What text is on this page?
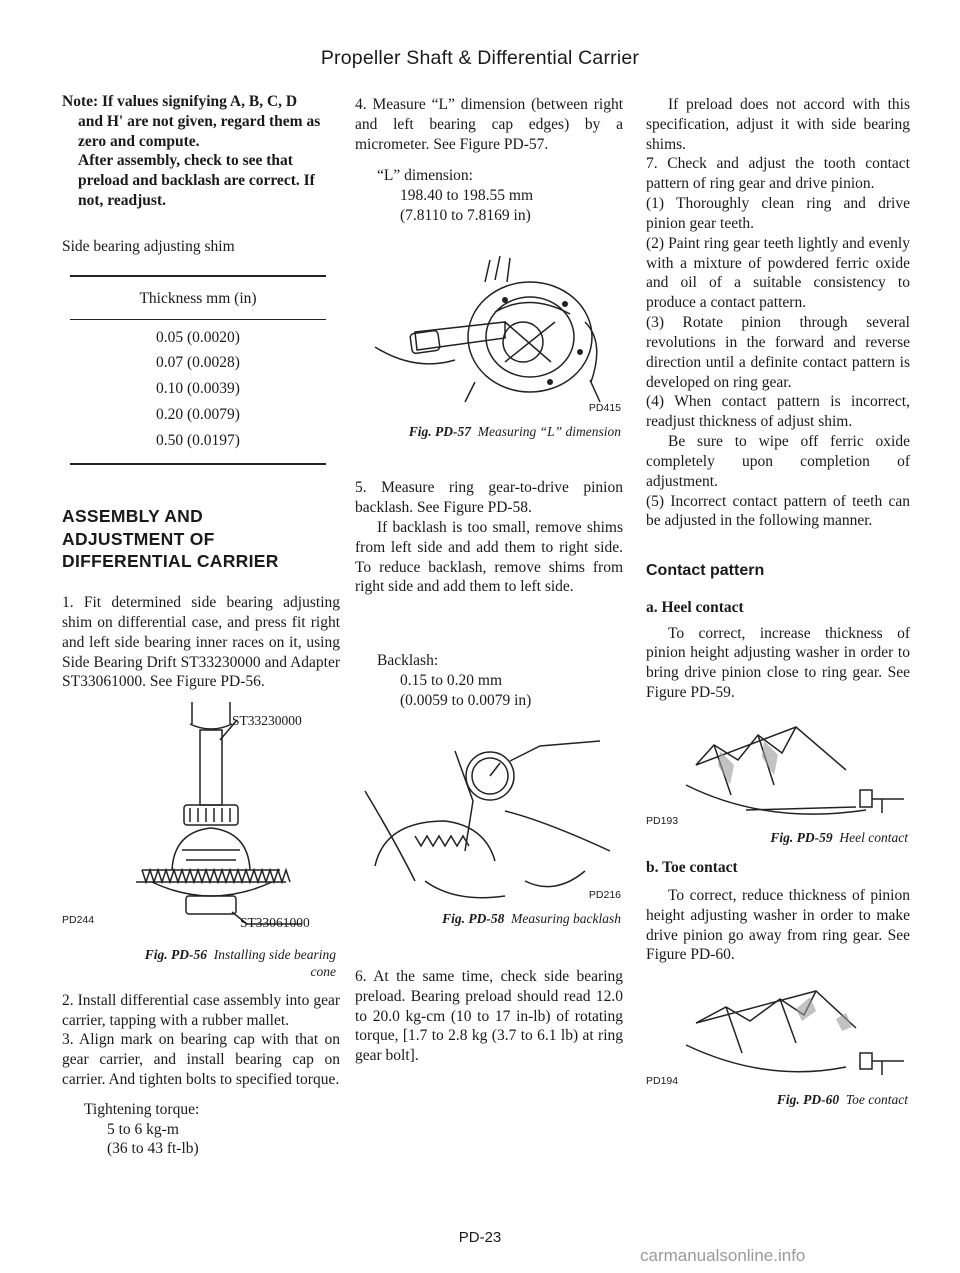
Propeller Shaft & Differential Carrier
Note: If values signifying A, B, C, D
and H' are not given, regard them as
zero and compute.
After assembly, check to see that
preload and backlash are correct. If
not, readjust.

Side bearing adjusting shim

Thickness mm (in)
0.05 (0.0020)
0.07 (0.0028)
0.10 (0.0039)
0.20 (0.0079)
0.50 (0.0197)
ASSEMBLY AND
ADJUSTMENT OF
DIFFERENTIAL CARRIER

1. Fit determined side bearing adjusting shim on differential case, and press fit right and left side bearing inner races on it, using Side Bearing Drift ST33230000 and Adapter ST33061000. See Figure PD-56.

PD244
ST33230000
ST33061000

Fig. PD-56 Installing side bearing
cone

2. Install differential case assembly into gear carrier, tapping with a rubber mallet.

3. Align mark on bearing cap with that on gear carrier, and install bearing cap on carrier. And tighten bolts to specified torque.

Tightening torque:

5 to 6 kg-m

(36 to 43 ft-lb)

4. Measure “L” dimension (between right and left bearing cap edges) by a micrometer. See Figure PD-57.

“L” dimension:

198.40 to 198.55 mm

(7.8110 to 7.8169 in)

PD415

Fig. PD-57 Measuring “L” dimension

5. Measure ring gear-to-drive pinion backlash. See Figure PD-58.

If backlash is too small, remove shims from left side and add them to right side. To reduce backlash, remove shims from right side and add them to left side.

Backlash:

0.15 to 0.20 mm

(0.0059 to 0.0079 in)

PD216

Fig. PD-58 Measuring backlash

6. At the same time, check side bearing preload. Bearing preload should read 12.0 to 20.0 kg-cm (10 to 17 in-lb) of rotating torque, [1.7 to 2.8 kg (3.7 to 6.1 lb) at ring gear bolt].

If preload does not accord with this specification, adjust it with side bearing shims.

7. Check and adjust the tooth contact pattern of ring gear and drive pinion.

(1) Thoroughly clean ring and drive pinion gear teeth.

(2) Paint ring gear teeth lightly and evenly with a mixture of powdered ferric oxide and oil of a suitable consistency to produce a contact pattern.

(3) Rotate pinion through several revolutions in the forward and reverse direction until a definite contact pattern is developed on ring gear.

(4) When contact pattern is incorrect, readjust thickness of adjust shim.

Be sure to wipe off ferric oxide completely upon completion of adjustment.

(5) Incorrect contact pattern of teeth can be adjusted in the following manner.

Contact pattern

a. Heel contact

To correct, increase thickness of pinion height adjusting washer in order to bring drive pinion close to ring gear. See Figure PD-59.

PD193

Fig. PD-59 Heel contact

b. Toe contact

To correct, reduce thickness of pinion height adjusting washer in order to make drive pinion go away from ring gear. See Figure PD-60.

PD194

Fig. PD-60 Toe contact

PD-23
carmanualsonline.info
